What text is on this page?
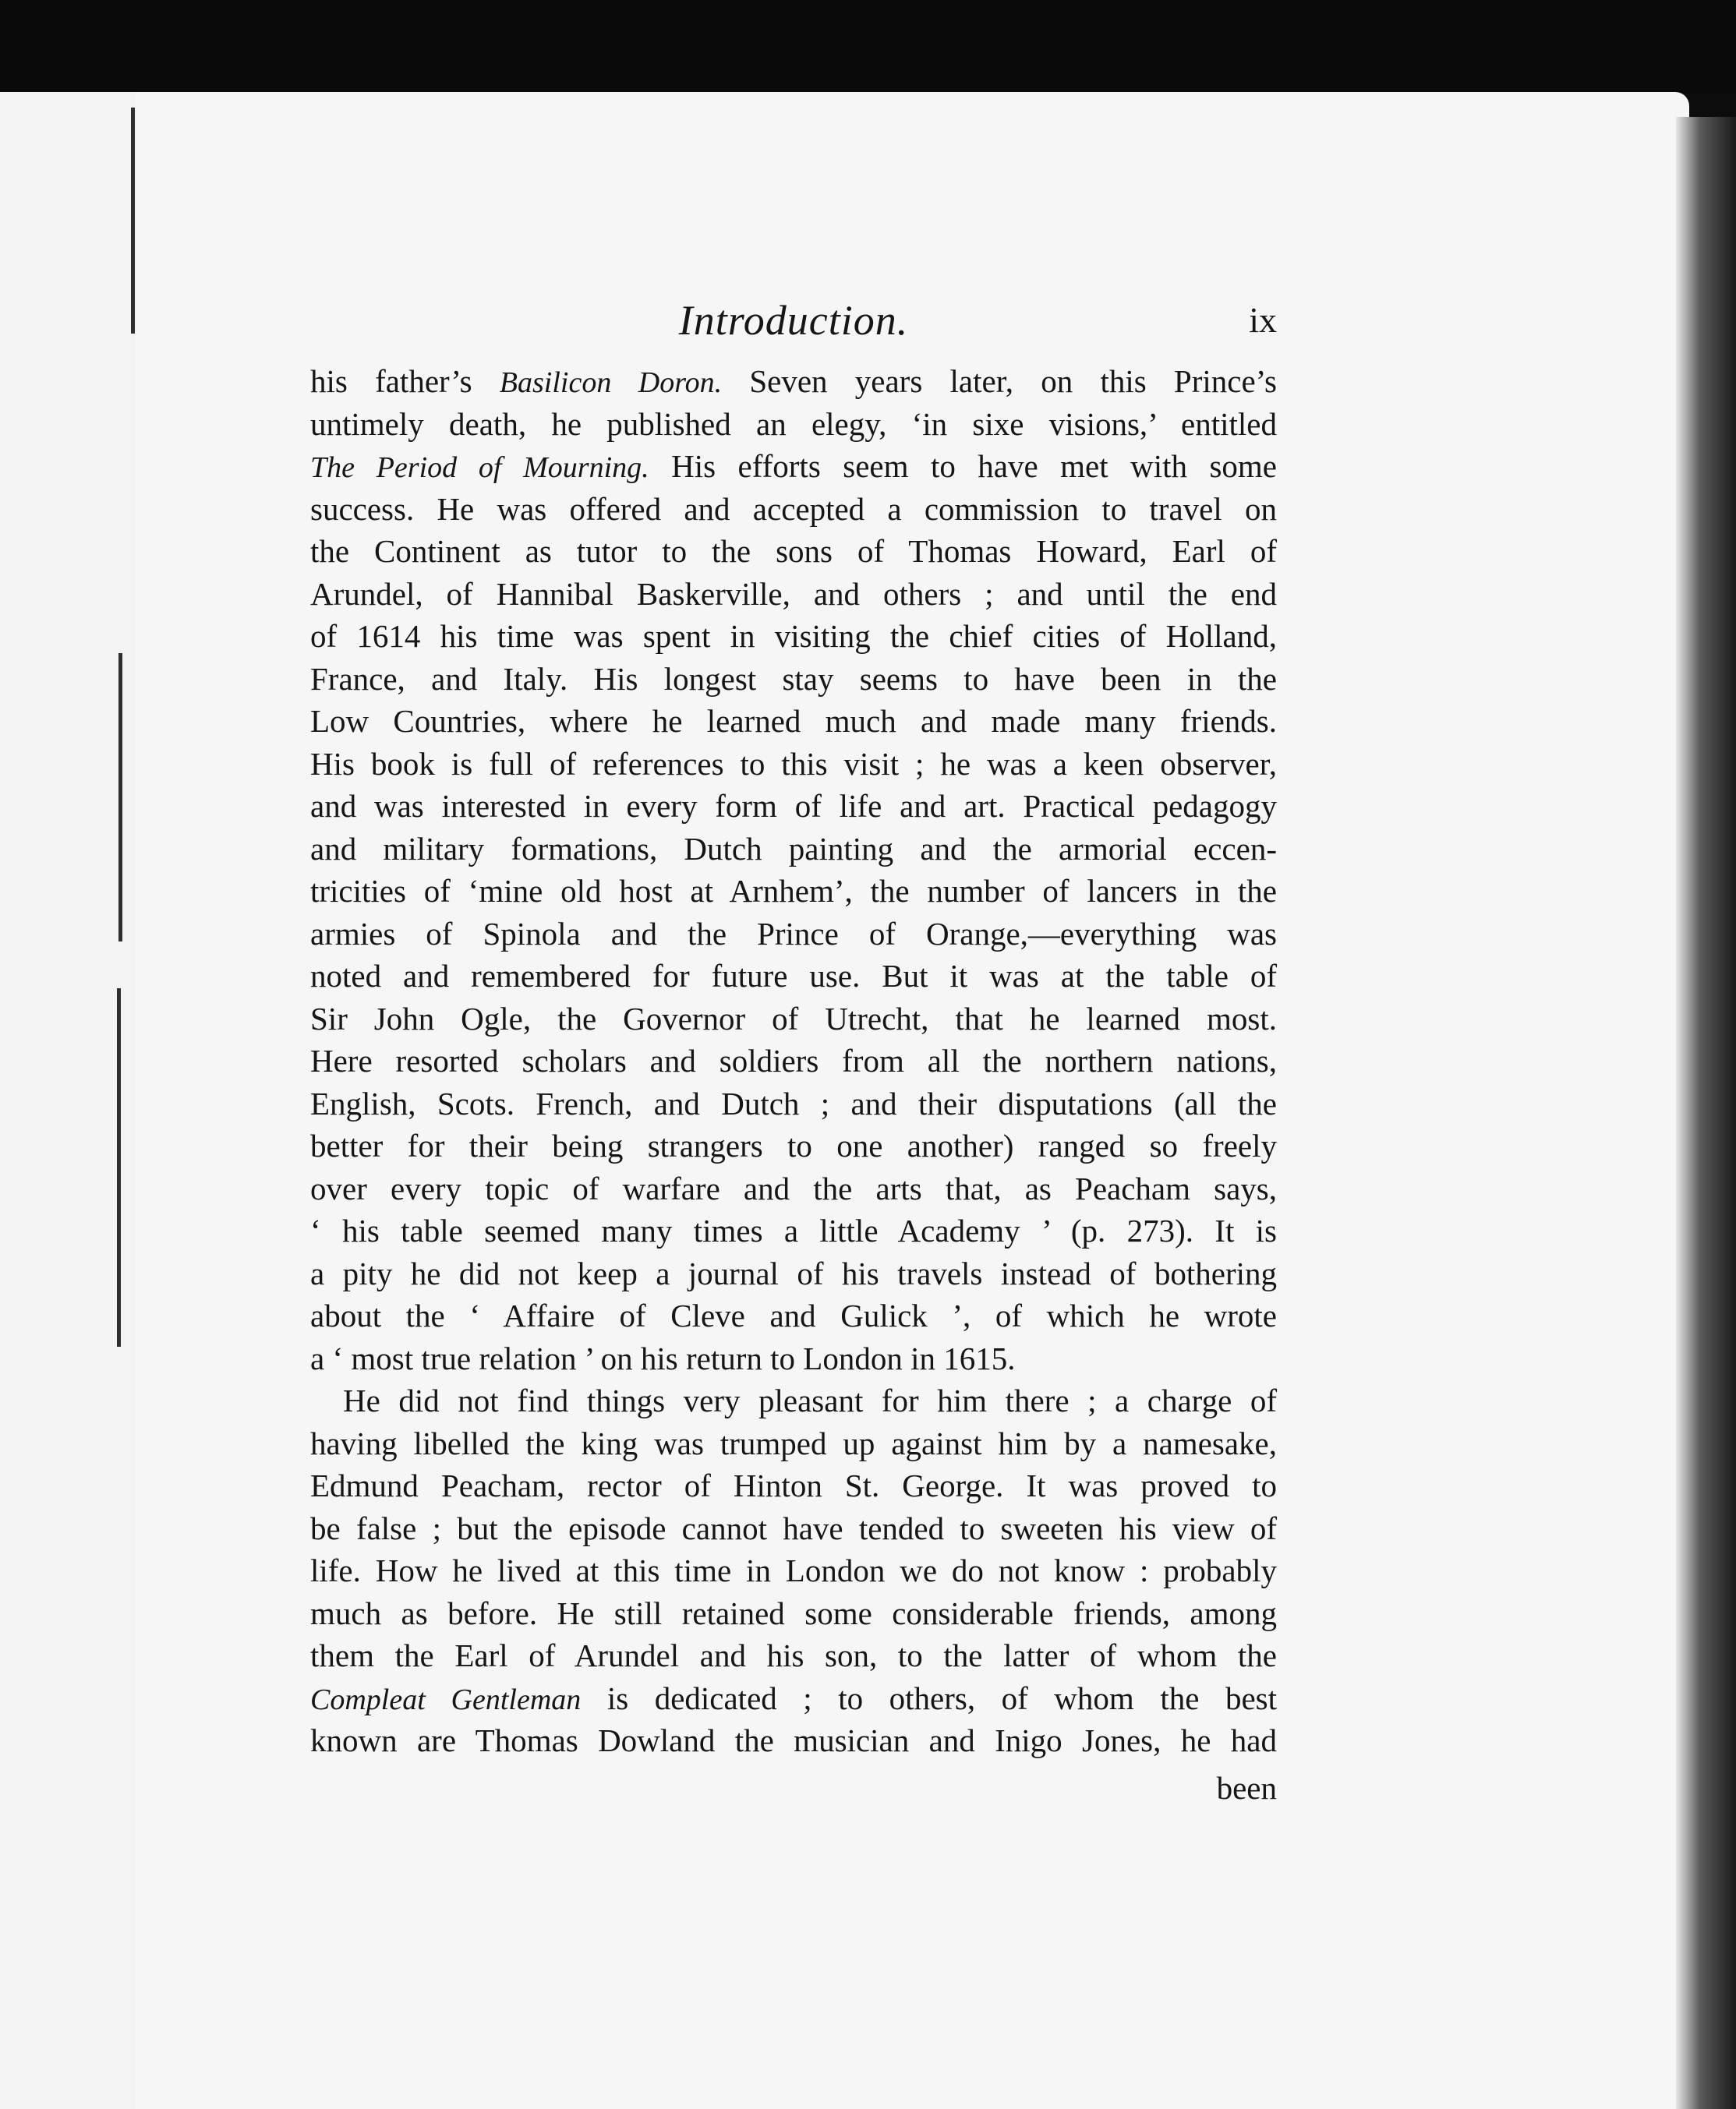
Introduction.	ix
his father’s Basilicon Doron. Seven years later, on this Prince’s
untimely death, he published an elegy, ‘in sixe visions,’ entitled
The Period of Mourning. His efforts seem to have met with some
success. He was offered and accepted a commission to travel on
the Continent as tutor to the sons of Thomas Howard, Earl of
Arundel, of Hannibal Baskerville, and others ; and until the end
of 1614 his time was spent in visiting the chief cities of Holland,
France, and Italy. His longest stay seems to have been in the
Low Countries, where he learned much and made many friends.
His book is full of references to this visit ; he was a keen observer,
and was interested in every form of life and art. Practical pedagogy
and military formations, Dutch painting and the armorial eccen-
tricities of ‘mine old host at Arnhem’, the number of lancers in the
armies of Spinola and the Prince of Orange,—everything was
noted and remembered for future use. But it was at the table of
Sir John Ogle, the Governor of Utrecht, that he learned most.
Here resorted scholars and soldiers from all the northern nations,
English, Scots. French, and Dutch ; and their disputations (all the
better for their being strangers to one another) ranged so freely
over every topic of warfare and the arts that, as Peacham says,
‘ his table seemed many times a little Academy ’ (p. 273). It is
a pity he did not keep a journal of his travels instead of bothering
about the ‘ Affaire of Cleve and Gulick ’, of which he wrote
a ‘ most true relation ’ on his return to London in 1615.
He did not find things very pleasant for him there ; a charge of
having libelled the king was trumped up against him by a namesake,
Edmund Peacham, rector of Hinton St. George. It was proved to
be false ; but the episode cannot have tended to sweeten his view of
life. How he lived at this time in London we do not know : probably
much as before. He still retained some considerable friends, among
them the Earl of Arundel and his son, to the latter of whom the
Compleat Gentleman is dedicated ; to others, of whom the best
known are Thomas Dowland the musician and Inigo Jones, he had
been
